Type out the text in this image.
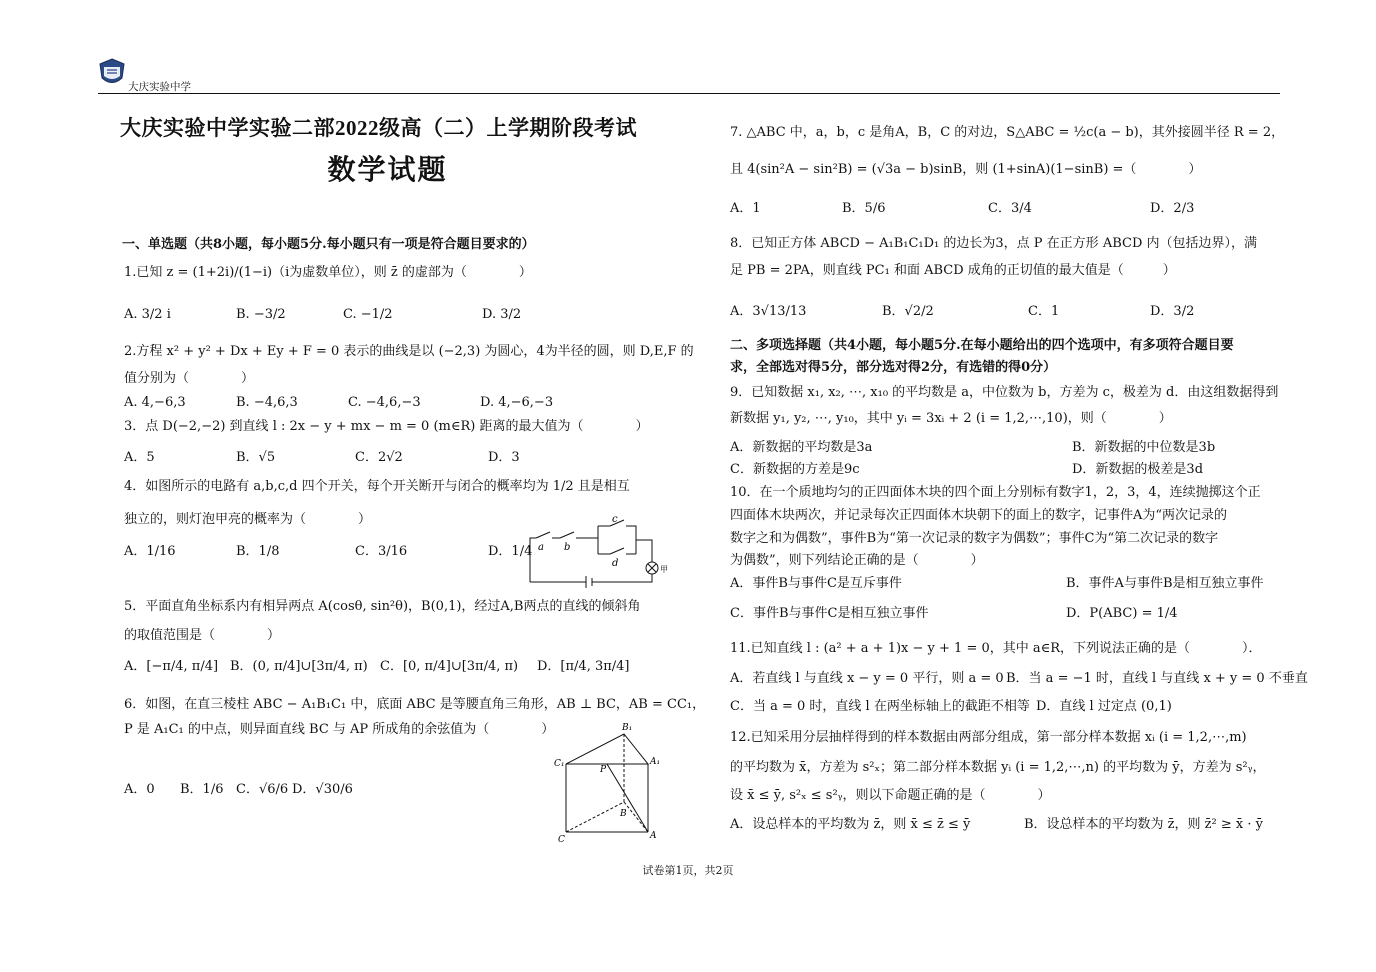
大庆实验中学
大庆实验中学实验二部2022级高（二）上学期阶段考试
数学试题
一、单选题（共8小题，每小题5分.每小题只有一项是符合题目要求的）
1.已知 z = (1+2i)/(1−i)（i为虚数单位），则 z̄ 的虚部为（　　　　）
A. 3/2 i	B. −3/2	C. −1/2	D. 3/2
2.方程 x² + y² + Dx + Ey + F = 0 表示的曲线是以 (−2,3) 为圆心，4为半径的圆，则 D,E,F 的
值分别为（　　　　）
A. 4,−6,3	B. −4,6,3	C. −4,6,−3	D. 4,−6,−3
3．点 D(−2,−2) 到直线 l : 2x − y + mx − m = 0 (m∈R) 距离的最大值为（　　　　）
A．5	B．√5	C．2√2	D．3
4．如图所示的电路有 a,b,c,d 四个开关，每个开关断开与闭合的概率均为 1/2 且是相互
独立的，则灯泡甲亮的概率为（　　　　）
A．1/16	B．1/8	C．3/16	D．1/4 a b
c
d
甲
5．平面直角坐标系内有相异两点 A(cosθ, sin²θ)，B(0,1)，经过A,B两点的直线的倾斜角
的取值范围是（　　　　）
A．[−π/4, π/4] B．(0, π/4]∪[3π/4, π) C．[0, π/4]∪[3π/4, π) D．[π/4, 3π/4]
6．如图，在直三棱柱 ABC − A₁B₁C₁ 中，底面 ABC 是等腰直角三角形，AB ⊥ BC，AB = CC₁，
P 是 A₁C₁ 的中点，则异面直线 BC 与 AP 所成角的余弦值为（　　　　）
A．0 B．1/6 C．√6/6 D．√30/6
B₁
C₁	A₁
P
B
C	A
7. △ABC 中，a，b，c 是角A，B，C 的对边，S△ABC = ½c(a − b)，其外接圆半径 R = 2，
且 4(sin²A − sin²B) = (√3a − b)sinB，则 (1+sinA)(1−sinB) =（　　　　）
A．1	B．5/6	C．3/4	D．2/3
8．已知正方体 ABCD − A₁B₁C₁D₁ 的边长为3，点 P 在正方形 ABCD 内（包括边界），满
足 PB = 2PA，则直线 PC₁ 和面 ABCD 成角的正切值的最大值是（　　　）
A．3√13/13	B．√2/2	C．1	D．3/2
二、多项选择题（共4小题，每小题5分.在每小题给出的四个选项中，有多项符合题目要
求，全部选对得5分，部分选对得2分，有选错的得0分）
9．已知数据 x₁, x₂, ⋯, x₁₀ 的平均数是 a，中位数为 b，方差为 c，极差为 d．由这组数据得到
新数据 y₁, y₂, ⋯, y₁₀，其中 yᵢ = 3xᵢ + 2 (i = 1,2,⋯,10)，则（　　　　）
A．新数据的平均数是3a	B．新数据的中位数是3b
C．新数据的方差是9c	D．新数据的极差是3d
10．在一个质地均匀的正四面体木块的四个面上分别标有数字1，2，3，4，连续抛掷这个正
四面体木块两次，并记录每次正四面体木块朝下的面上的数字，记事件A为“两次记录的
数字之和为偶数”，事件B为“第一次记录的数字为偶数”；事件C为“第二次记录的数字
为偶数”，则下列结论正确的是（　　　　）
A．事件B与事件C是互斥事件	B．事件A与事件B是相互独立事件
C．事件B与事件C是相互独立事件	D．P(ABC) = 1/4
11.已知直线 l : (a² + a + 1)x − y + 1 = 0，其中 a∈R，下列说法正确的是（　　　　）．
A．若直线 l 与直线 x − y = 0 平行，则 a = 0 B．当 a = −1 时，直线 l 与直线 x + y = 0 不垂直
C．当 a = 0 时，直线 l 在两坐标轴上的截距不相等 D．直线 l 过定点 (0,1)
12.已知采用分层抽样得到的样本数据由两部分组成，第一部分样本数据 xᵢ (i = 1,2,⋯,m)
的平均数为 x̄，方差为 s²ₓ；第二部分样本数据 yᵢ (i = 1,2,⋯,n) 的平均数为 ȳ，方差为 s²ᵧ，
设 x̄ ≤ ȳ, s²ₓ ≤ s²ᵧ，则以下命题正确的是（　　　　）
A．设总样本的平均数为 z̄，则 x̄ ≤ z̄ ≤ ȳ	B．设总样本的平均数为 z̄，则 z̄² ≥ x̄ · ȳ
试卷第1页，共2页
